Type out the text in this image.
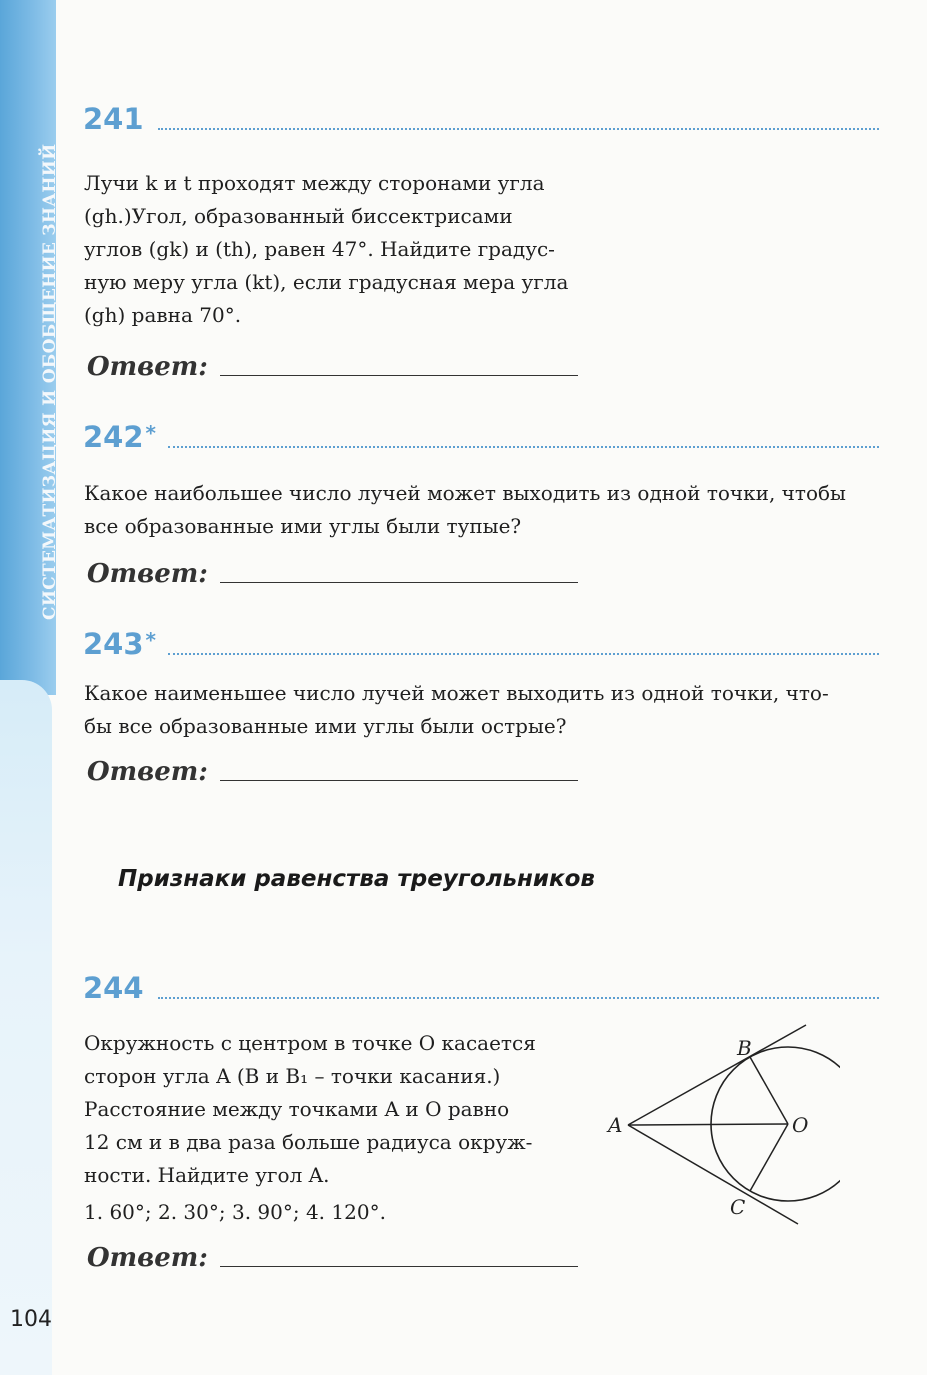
СИСТЕМАТИЗАЦИЯ И ОБОБЩЕНИЕ ЗНАНИЙ
241
Лучи k и t проходят между сторонами угла
(gh.)Угол, образованный биссектрисами
углов (gk) и (th), равен 47°. Найдите градус-
ную меру угла (kt), если градусная мера угла
(gh) равна 70°.
Ответ:
242 *
Какое наибольшее число лучей может выходить из одной точки, чтобы
все образованные ими углы были тупые?
Ответ:
243 *
Какое наименьшее число лучей может выходить из одной точки, что-
бы все образованные ими углы были острые?
Ответ:
Признаки равенства треугольников
244
Окружность с центром в точке O касается
сторон угла A (B и B₁ – точки касания.)
Расстояние между точками A и O равно
12 см и в два раза больше радиуса окруж-
ности. Найдите угол A.
1. 60°; 2. 30°; 3. 90°; 4. 120°.
A
B
O
C
Ответ:
104
